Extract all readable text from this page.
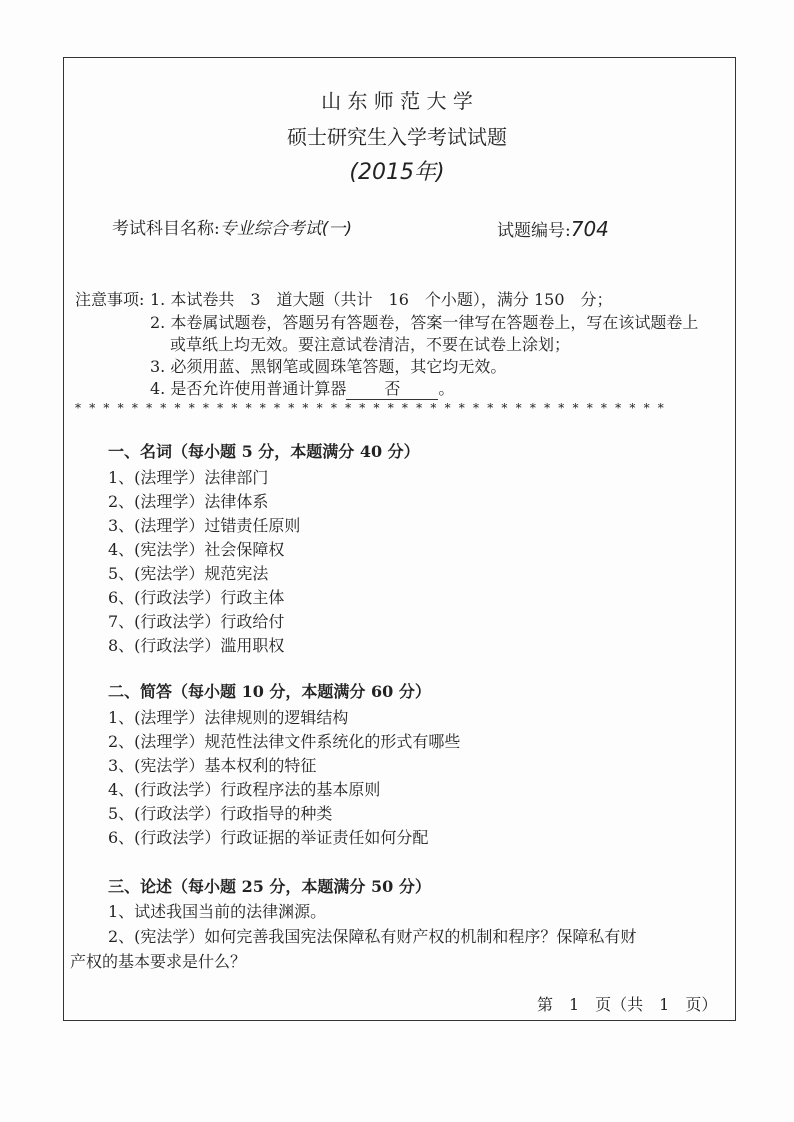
山 东 师 范 大 学
硕士研究生入学考试试题
(2015年)
考试科目名称:专业综合考试(一)	试题编号:704
注意事项: 1. 本试卷共　3　道大题（共计　16　个小题），满分 150　分；
2. 本卷属试题卷，答题另有答题卷，答案一律写在答题卷上，写在该试题卷上
或草纸上均无效。要注意试卷清洁，不要在试卷上涂划；
3. 必须用蓝、黑钢笔或圆珠笔答题，其它均无效。
4. 是否允许使用普通计算器 否 。
* * * * * * * * * * * * * * * * * * * * * * * * * * * * * * * * * * * * * * * * * *
一、名词（每小题 5 分，本题满分 40 分）
1、(法理学）法律部门
2、(法理学）法律体系
3、(法理学）过错责任原则
4、(宪法学）社会保障权
5、(宪法学）规范宪法
6、(行政法学）行政主体
7、(行政法学）行政给付
8、(行政法学）滥用职权
二、简答（每小题 10 分，本题满分 60 分）
1、(法理学）法律规则的逻辑结构
2、(法理学）规范性法律文件系统化的形式有哪些
3、(宪法学）基本权利的特征
4、(行政法学）行政程序法的基本原则
5、(行政法学）行政指导的种类
6、(行政法学）行政证据的举证责任如何分配
三、论述（每小题 25 分，本题满分 50 分）
1、试述我国当前的法律渊源。
2、(宪法学）如何完善我国宪法保障私有财产权的机制和程序？保障私有财
产权的基本要求是什么？
第　1　页（共　1　页）
